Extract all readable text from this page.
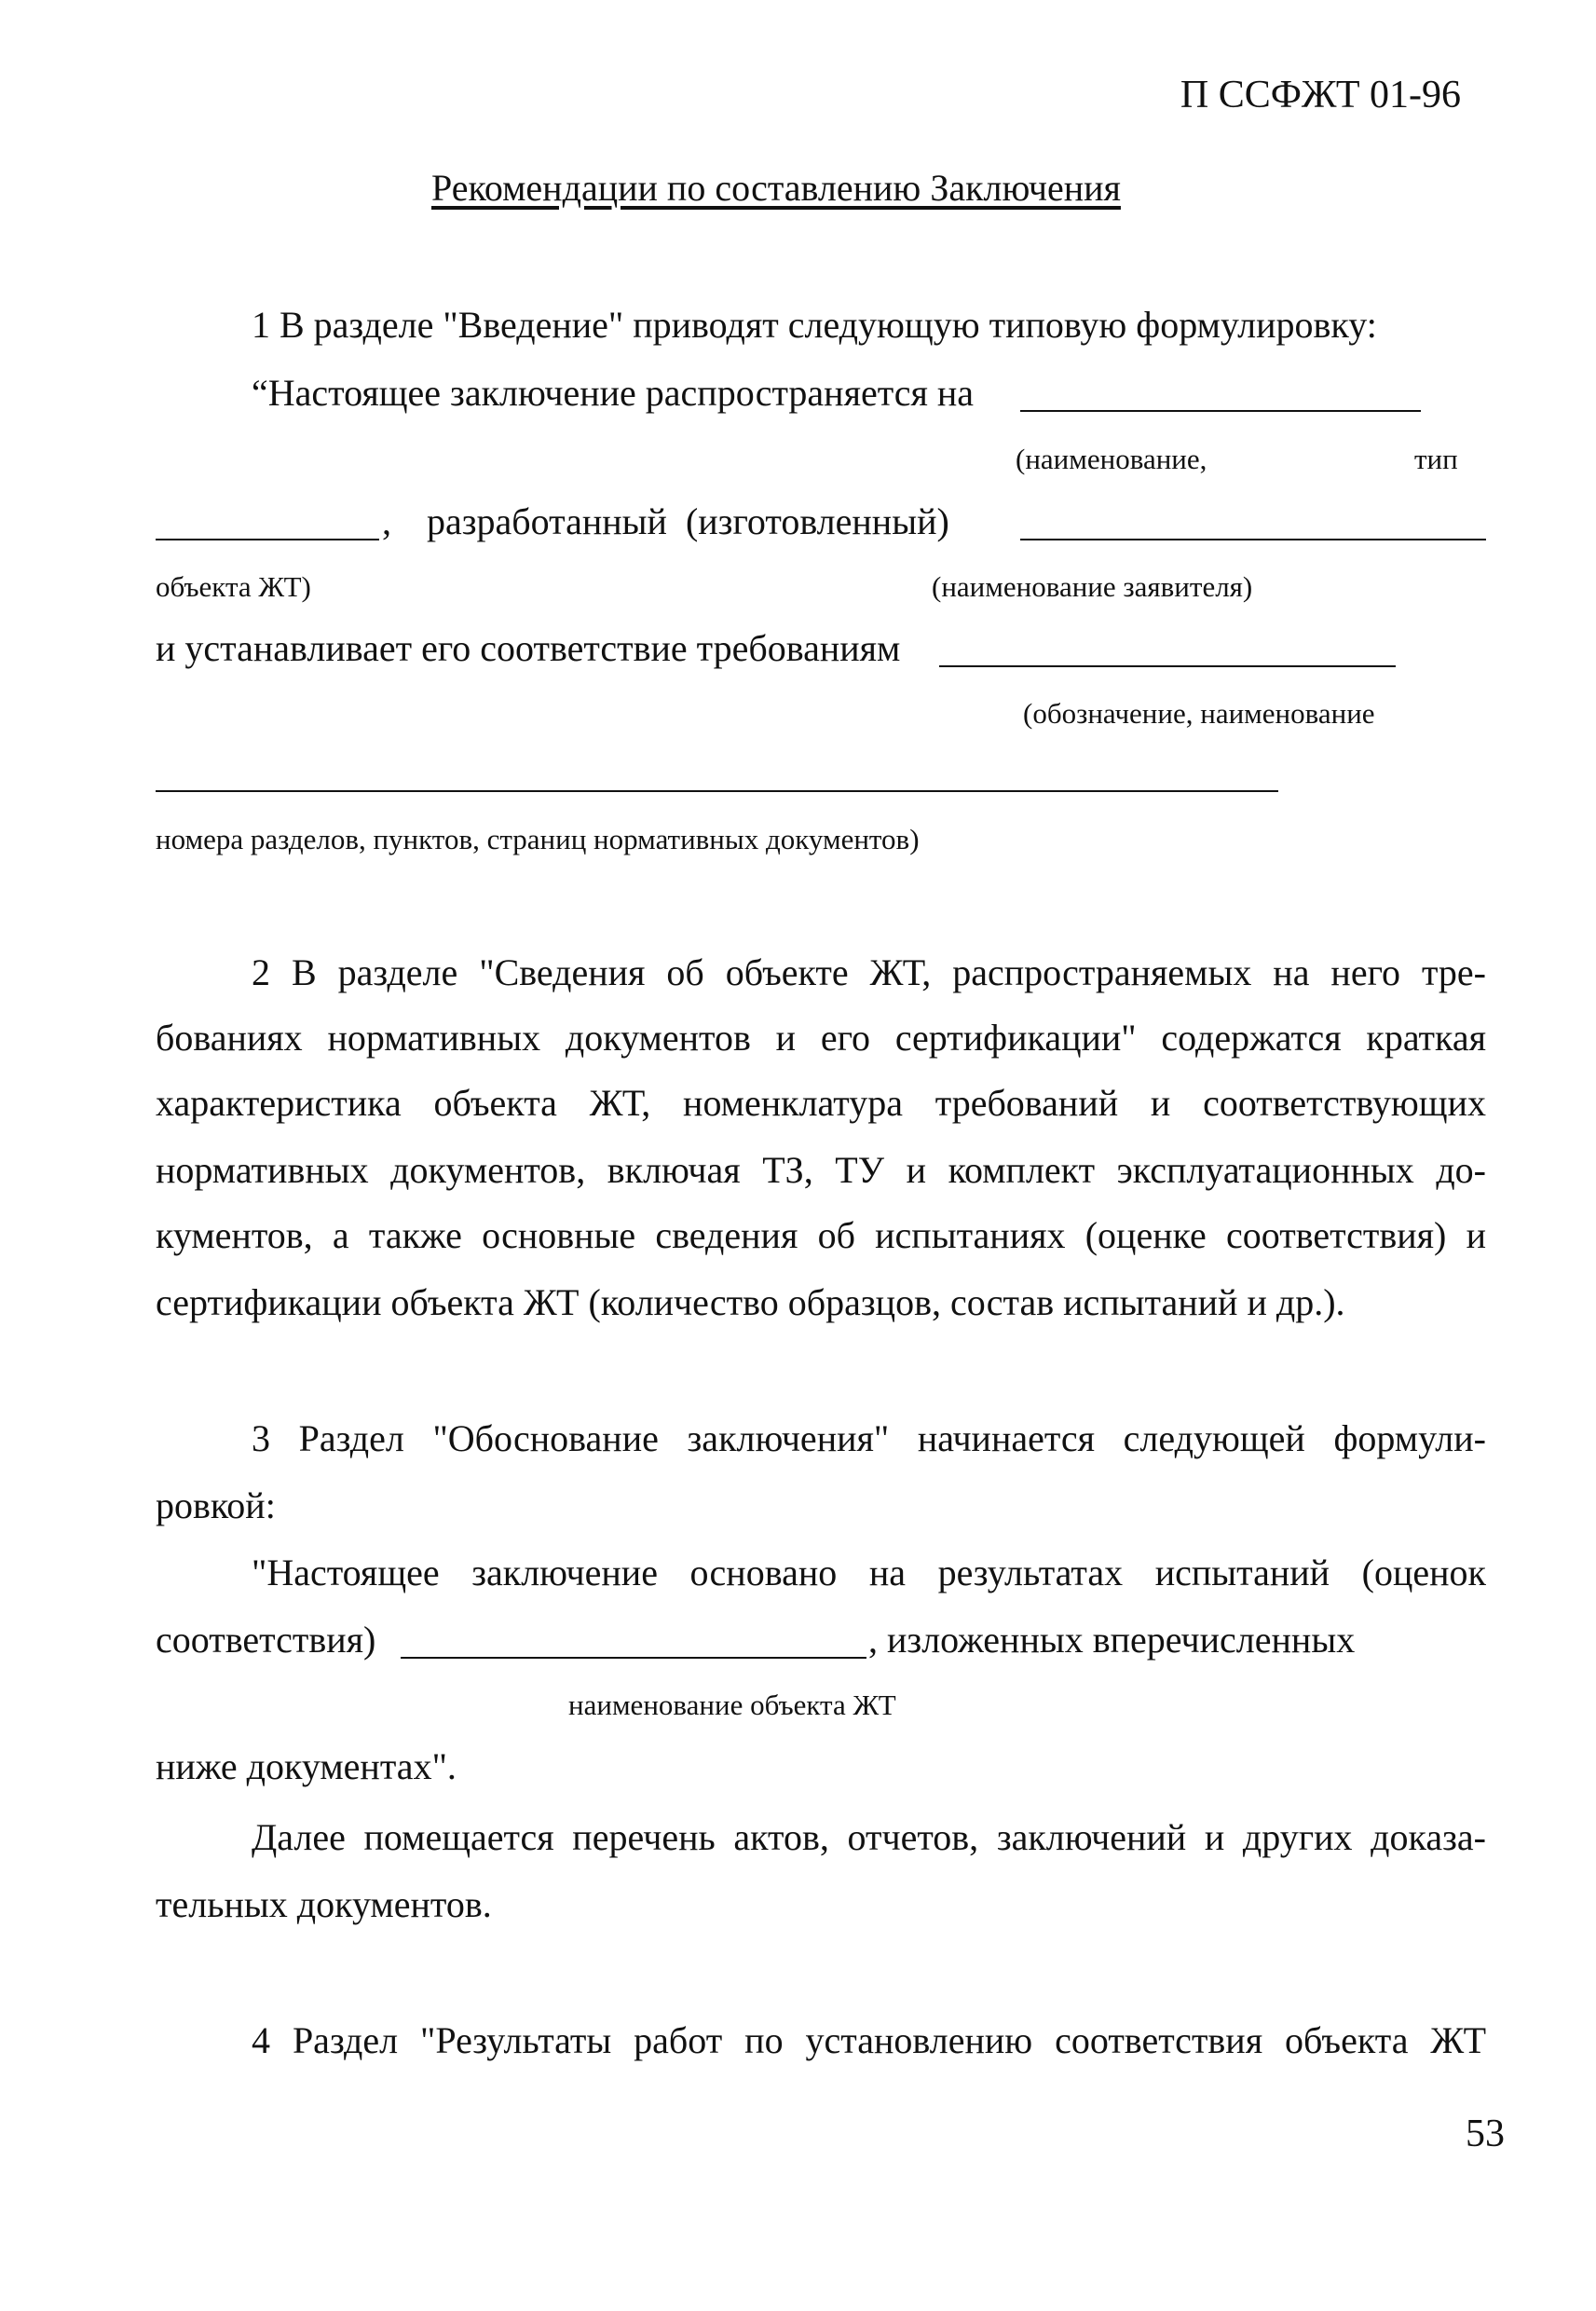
П ССФЖТ 01-96
Рекомендации по составлению Заключения
1 В разделе "Введение" приводят следующую типовую формулировку:
“Настоящее заключение распространяется на
(наименование,	тип
, разработанный (изготовленный)
объекта ЖТ)	(наименование заявителя)
и устанавливает его соответствие требованиям
(обозначение, наименование
номера разделов, пунктов, страниц нормативных документов)
2 В разделе "Сведения об объекте ЖТ, распространяемых на него тре-
бованиях нормативных документов и его сертификации" содержатся краткая
характеристика объекта ЖТ, номенклатура требований и соответствующих
нормативных документов, включая ТЗ, ТУ и комплект эксплуатационных до-
кументов, а также основные сведения об испытаниях (оценке соответствия) и
сертификации объекта ЖТ (количество образцов, состав испытаний и др.).
3 Раздел "Обоснование заключения" начинается следующей формули-
ровкой:
"Настоящее заключение основано на результатах испытаний (оценок
соответствия)	, изложенных вперечисленных
наименование объекта ЖТ
ниже документах".
Далее помещается перечень актов, отчетов, заключений и других доказа-
тельных документов.
4 Раздел "Результаты работ по установлению соответствия объекта ЖТ
53
